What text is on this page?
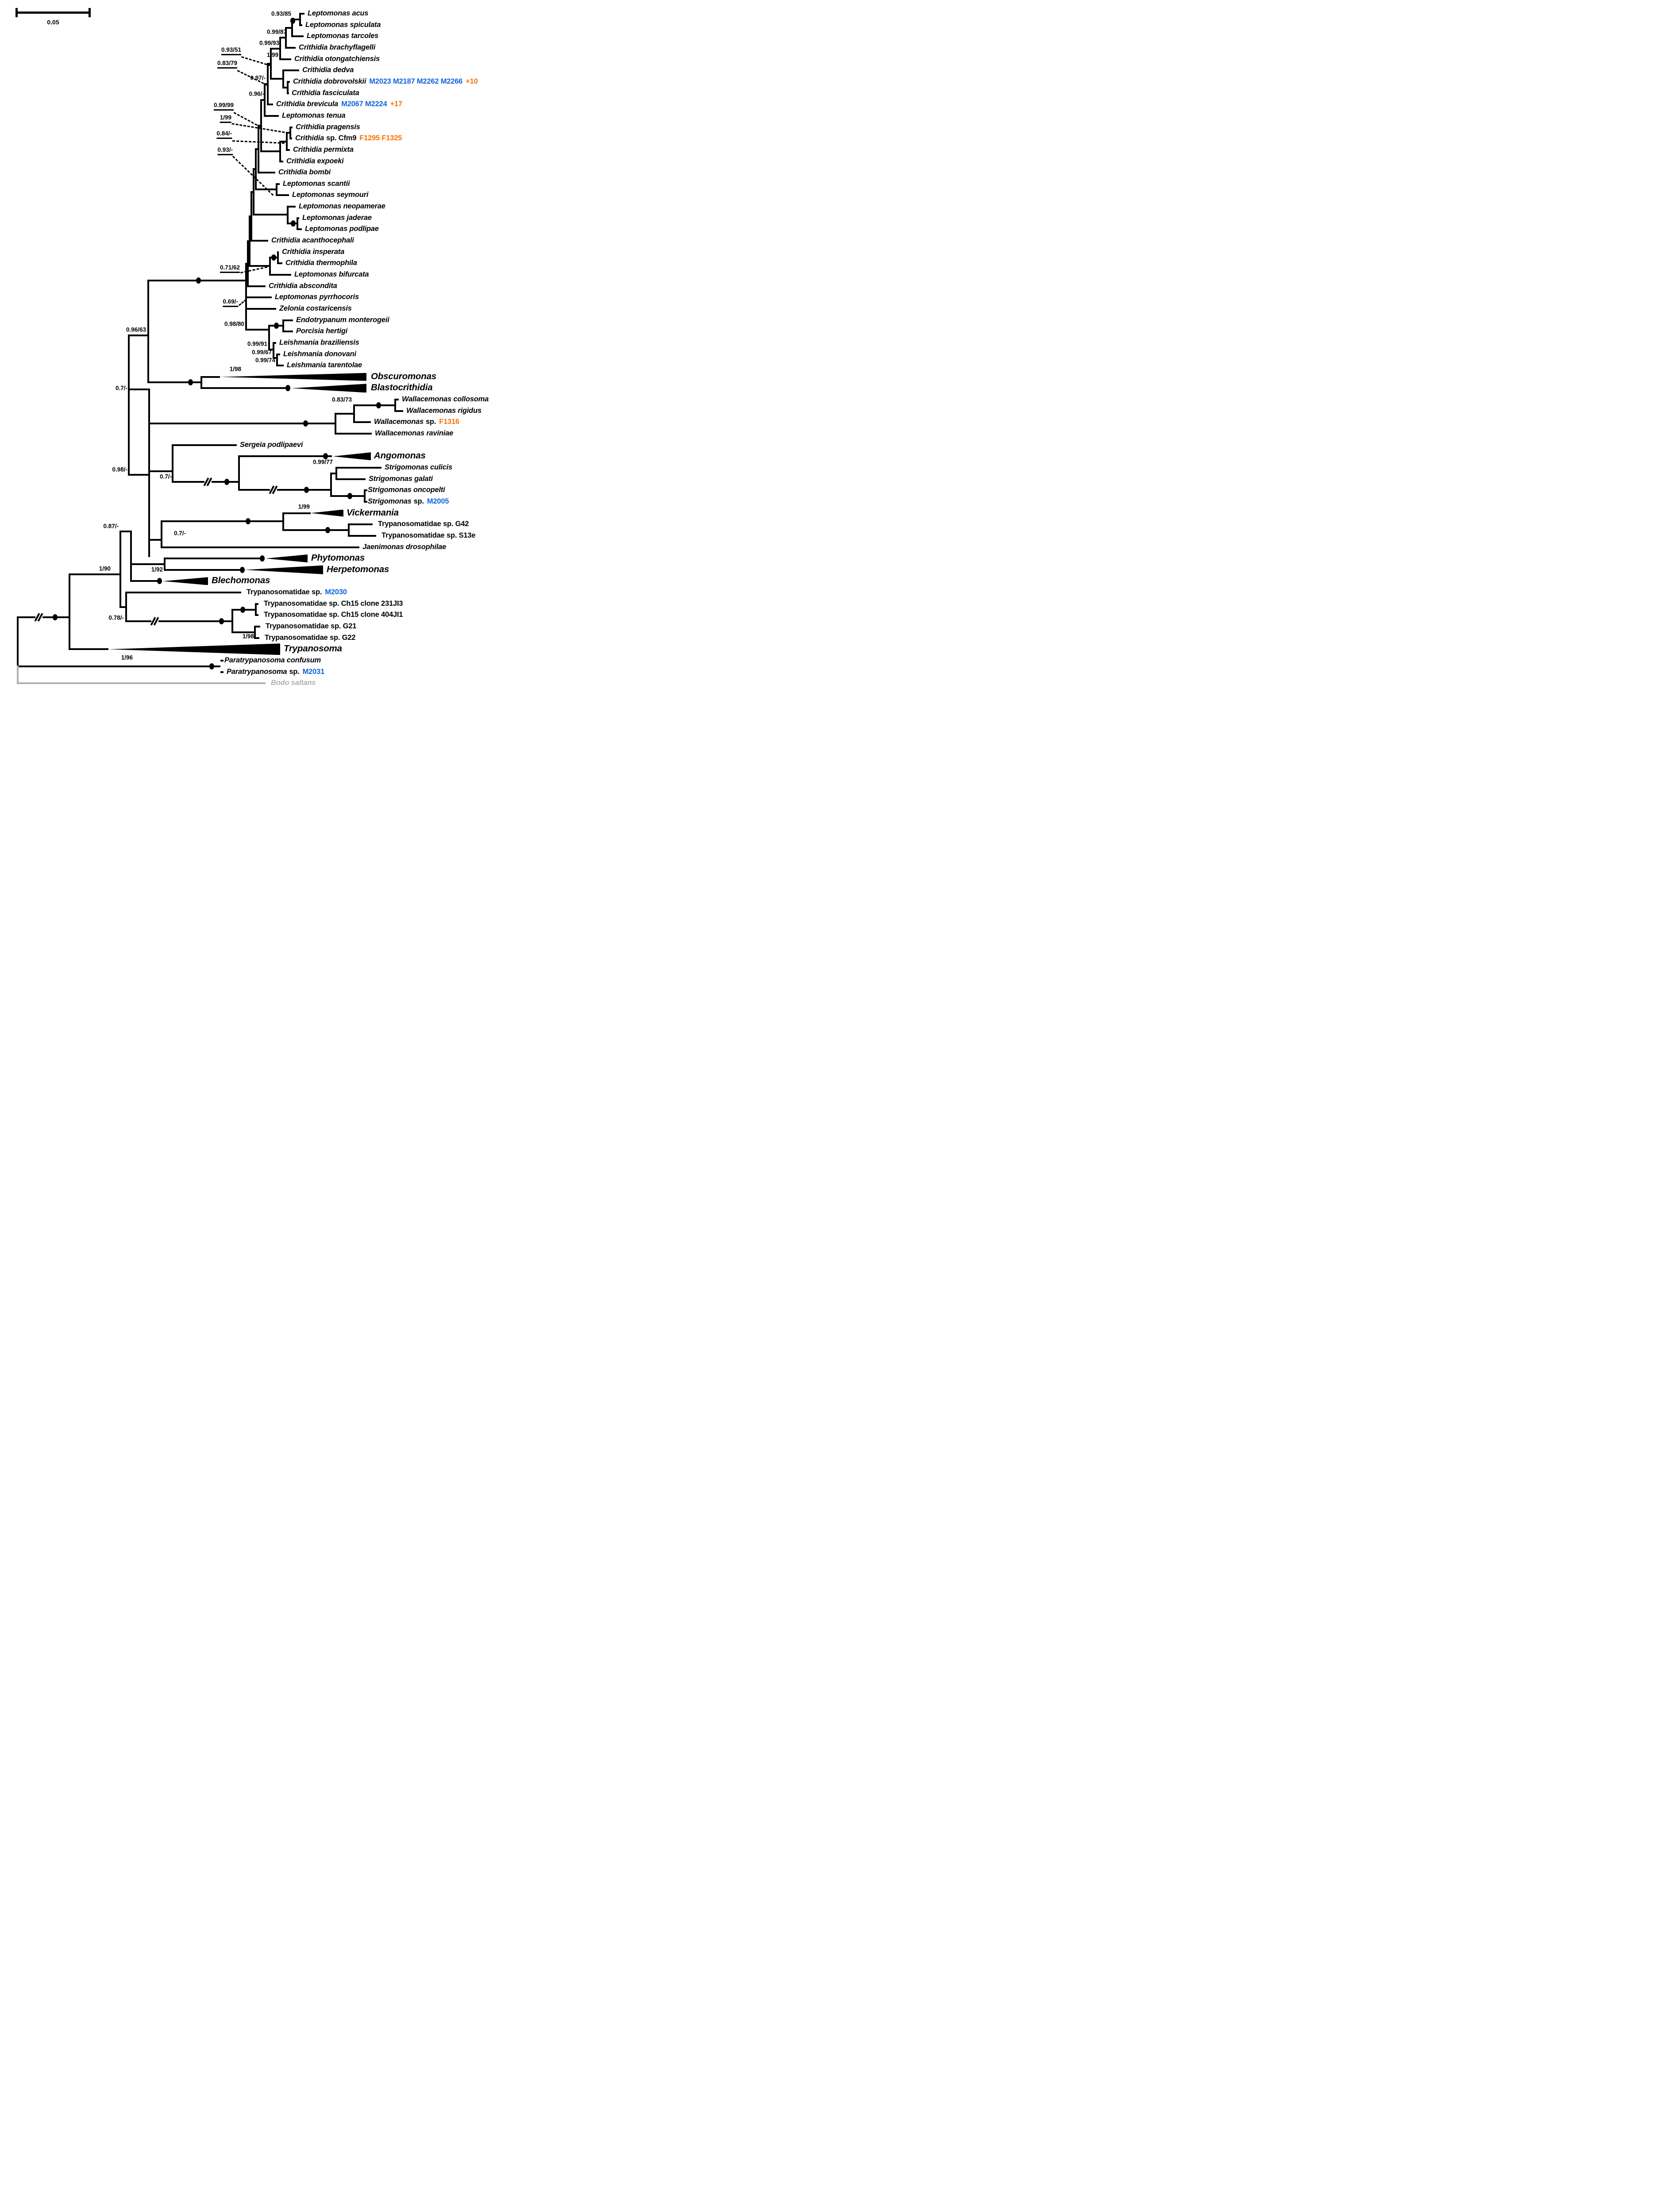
0.05
Leptomonas acus
Leptomonas spiculata
Leptomonas tarcoles
Crithidia brachyflagelli
Crithidia otongatchiensis
Crithidia dedva
Crithidia dobrovolskii M2023 M2187 M2262 M2266 +10
Crithidia fasciculata
Crithidia brevicula M2067 M2224 +17
Leptomonas tenua
Crithidia pragensis
Crithidia sp. Cfm9 F1295 F1325
Crithidia permixta
Crithidia expoeki
Crithidia bombi
Leptomonas scantii
Leptomonas seymouri
Leptomonas neopamerae
Leptomonas jaderae
Leptomonas podlipae
Crithidia acanthocephali
Crithidia insperata
Crithidia thermophila
Leptomonas bifurcata
Crithidia abscondita
Leptomonas pyrrhocoris
Zelonia costaricensis
Endotrypanum monterogeii
Porcisia hertigi
Leishmania braziliensis
Leishmania donovani
Leishmania tarentolae
Obscuromonas
Blastocrithidia
Wallacemonas collosoma
Wallacemonas rigidus
Wallacemonas sp. F1316
Wallacemonas raviniae
Sergeia podlipaevi
Angomonas
Strigomonas culicis
Strigomonas galati
Strigomonas oncopelti
Strigomonas sp. M2005
Vickermania
Trypanosomatidae sp. G42
Trypanosomatidae sp. S13e
Jaenimonas drosophilae
Phytomonas
Herpetomonas
Blechomonas
Trypanosomatidae sp. M2030
Trypanosomatidae sp. Ch15 clone 231JI3
Trypanosomatidae sp. Ch15 clone 404JI1
Trypanosomatidae sp. G21
Trypanosomatidae sp. G22
Trypanosoma
Paratrypanosoma confusum
Paratrypanosoma sp. M2031
Bodo saltans
0.93/85
0.99/87
0.99/93
1/99
0.93/51
0.83/79
0.97/-
0.96/-
0.99/99
1/99
0.84/-
0.93/-
0.71/62
0.69/-
0.96/63
0.98/80
0.99/91
0.99/67
0.99/74
1/98
0.7/-
0.83/73
0.7/-
0.99/77
0.98/-
0.87/-
1/99
0.7/-
1/90	1/92
0.78/-
1/98
1/96
